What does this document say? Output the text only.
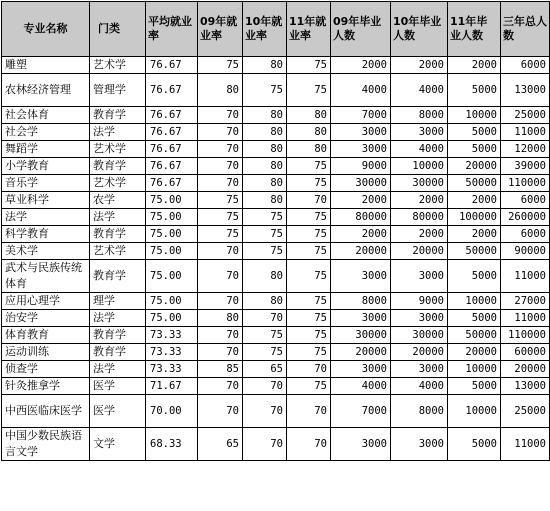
专业名称	门类	平均就业率	09年就业率	10年就业率	11年就业率	09年毕业人数	10年毕业人数	11年毕业人数	三年总人数
雕塑	艺术学	76.67	75	80	75	2000	2000	2000	6000
农林经济管理	管理学	76.67	80	75	75	4000	4000	5000	13000
社会体育	教育学	76.67	70	80	80	7000	8000	10000	25000
社会学	法学	76.67	70	80	80	3000	3000	5000	11000
舞蹈学	艺术学	76.67	70	80	80	3000	4000	5000	12000
小学教育	教育学	76.67	70	80	75	9000	10000	20000	39000
音乐学	艺术学	76.67	70	80	75	30000	30000	50000	110000
草业科学	农学	75.00	75	80	70	2000	2000	2000	6000
法学	法学	75.00	75	75	75	80000	80000	100000	260000
科学教育	教育学	75.00	75	75	75	2000	2000	2000	6000
美术学	艺术学	75.00	70	75	75	20000	20000	50000	90000
武术与民族传统体育	教育学	75.00	70	80	75	3000	3000	5000	11000
应用心理学	理学	75.00	70	80	75	8000	9000	10000	27000
治安学	法学	75.00	80	70	75	3000	3000	5000	11000
体育教育	教育学	73.33	70	75	75	30000	30000	50000	110000
运动训练	教育学	73.33	70	75	75	20000	20000	20000	60000
侦查学	法学	73.33	85	65	70	3000	3000	10000	20000
针灸推拿学	医学	71.67	70	70	75	4000	4000	5000	13000
中西医临床医学	医学	70.00	70	70	70	7000	8000	10000	25000
中国少数民族语言文学	文学	68.33	65	70	70	3000	3000	5000	11000
